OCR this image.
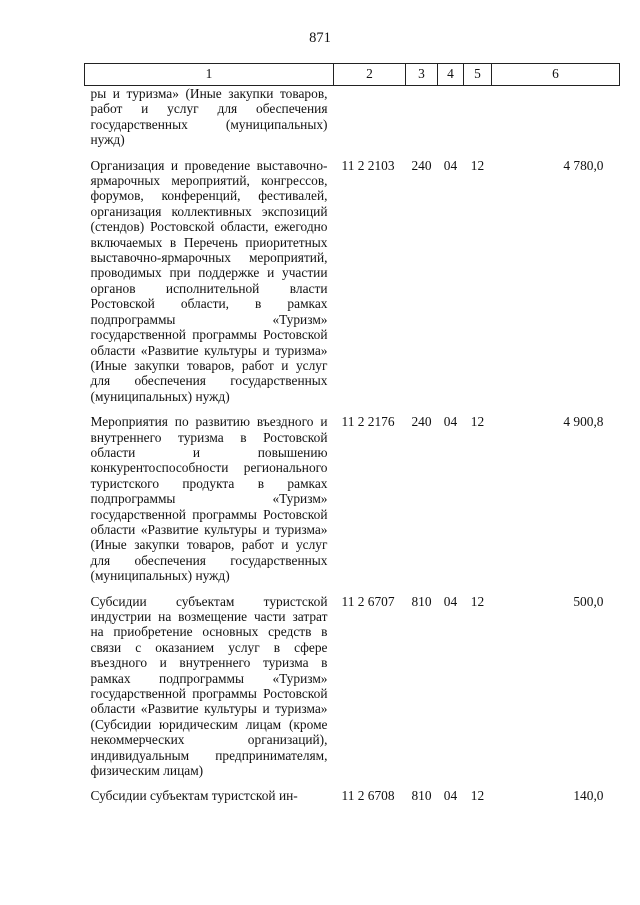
871
1	2	3	4	5	6
ры и туризма» (Иные закупки товаров, работ и услуг для обеспечения государственных (муниципальных) нужд)					

Организация и проведение выставочно-ярмарочных мероприятий, конгрессов, форумов, конференций, фестивалей, организация коллективных экспозиций (стендов) Ростовской области, ежегодно включаемых в Перечень приоритетных выставочно-ярмарочных мероприятий, проводимых при поддержке и участии органов исполнительной власти Ростовской области, в рамках подпрограммы «Туризм» государственной программы Ростовской области «Развитие культуры и туризма» (Иные закупки товаров, работ и услуг для обеспечения государственных (муниципальных) нужд)	11 2 2103	240	04	12	4 780,0

Мероприятия по развитию въездного и внутреннего туризма в Ростовской области и повышению конкурентоспособности регионального туристского продукта в рамках подпрограммы «Туризм» государственной программы Ростовской области «Развитие культуры и туризма» (Иные закупки товаров, работ и услуг для обеспечения государственных (муниципальных) нужд)	11 2 2176	240	04	12	4 900,8

Субсидии субъектам туристской индустрии на возмещение части затрат на приобретение основных средств в связи с оказанием услуг в сфере въездного и внутреннего туризма в рамках подпрограммы «Туризм» государственной программы Ростовской области «Развитие культуры и туризма» (Субсидии юридическим лицам (кроме некоммерческих организаций), индивидуальным предпринимателям, физическим лицам)	11 2 6707	810	04	12	500,0

Субсидии субъектам туристской ин-	11 2 6708	810	04	12	140,0
